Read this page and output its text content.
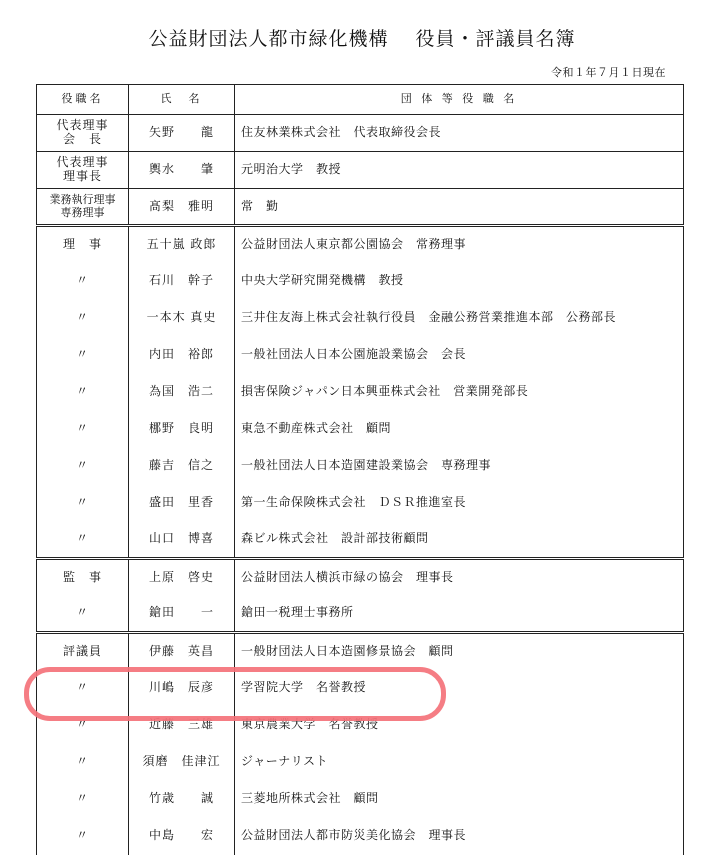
公益財団法人都市緑化機構　 役員・評議員名簿
令和１年７月１日現在
役職名	氏　名	団 体 等 役 職 名
代表理事
会　長	矢野　　龍	住友林業株式会社　代表取締役会長
代表理事
理事長	輿水　　肇	元明治大学　教授
業務執行理事
専務理事	髙梨　雅明	常　勤
理　事	五十嵐 政郎	公益財団法人東京都公園協会　常務理事
〃	石川　幹子	中央大学研究開発機構　教授
〃	一本木 真史	三井住友海上株式会社執行役員　金融公務営業推進本部　公務部長
〃	内田　裕郎	一般社団法人日本公園施設業協会　会長
〃	為国　浩二	損害保険ジャパン日本興亜株式会社　営業開発部長
〃	梛野　良明	東急不動産株式会社　顧問
〃	藤吉　信之	一般社団法人日本造園建設業協会　専務理事
〃	盛田　里香	第一生命保険株式会社　ＤＳＲ推進室長
〃	山口　博喜	森ビル株式会社　設計部技術顧問
監　事	上原　啓史	公益財団法人横浜市緑の協会　理事長
〃	鎗田　　一	鎗田一税理士事務所
評議員	伊藤　英昌	一般財団法人日本造園修景協会　顧問
〃	川嶋　辰彦	学習院大学　名誉教授
〃	近藤　三雄	東京農業大学　名誉教授
〃	須磨　佳津江	ジャーナリスト
〃	竹歳　　誠	三菱地所株式会社　顧問
〃	中島　　宏	公益財団法人都市防災美化協会　理事長
